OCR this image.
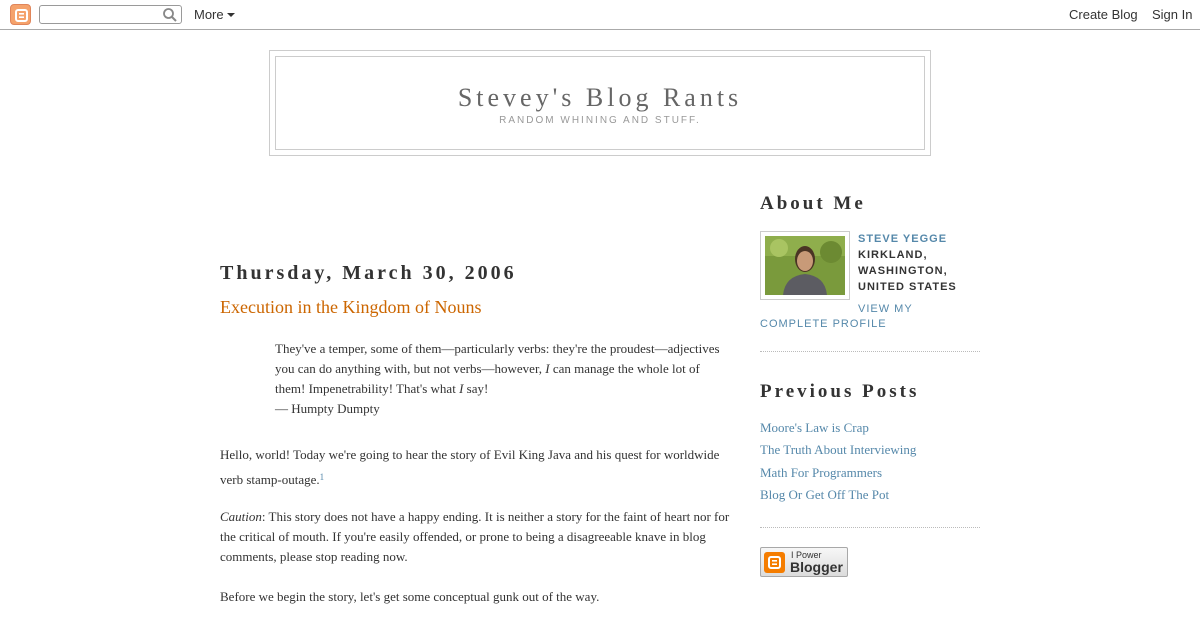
More	Create Blog Sign In
Stevey's Blog Rants
RANDOM WHINING AND STUFF.
Thursday, March 30, 2006
Execution in the Kingdom of Nouns
They've a temper, some of them—particularly verbs: they're the proudest—adjectives you can do anything with, but not verbs—however, I can manage the whole lot of them! Impenetrability! That's what I say!
— Humpty Dumpty

Hello, world! Today we're going to hear the story of Evil King Java and his quest for worldwide verb stamp-outage.$^1$

Caution: This story does not have a happy ending. It is neither a story for the faint of heart nor for the critical of mouth. If you're easily offended, or prone to being a disagreeable knave in blog comments, please stop reading now.

Before we begin the story, let's get some conceptual gunk out of the way.

About Me
STEVE YEGGE
KIRKLAND,
WASHINGTON,
UNITED STATES
VIEW MY COMPLETE PROFILE
Previous Posts
Moore's Law is Crap
The Truth About Interviewing
Math For Programmers
Blog Or Get Off The Pot
I Power
Blogger
